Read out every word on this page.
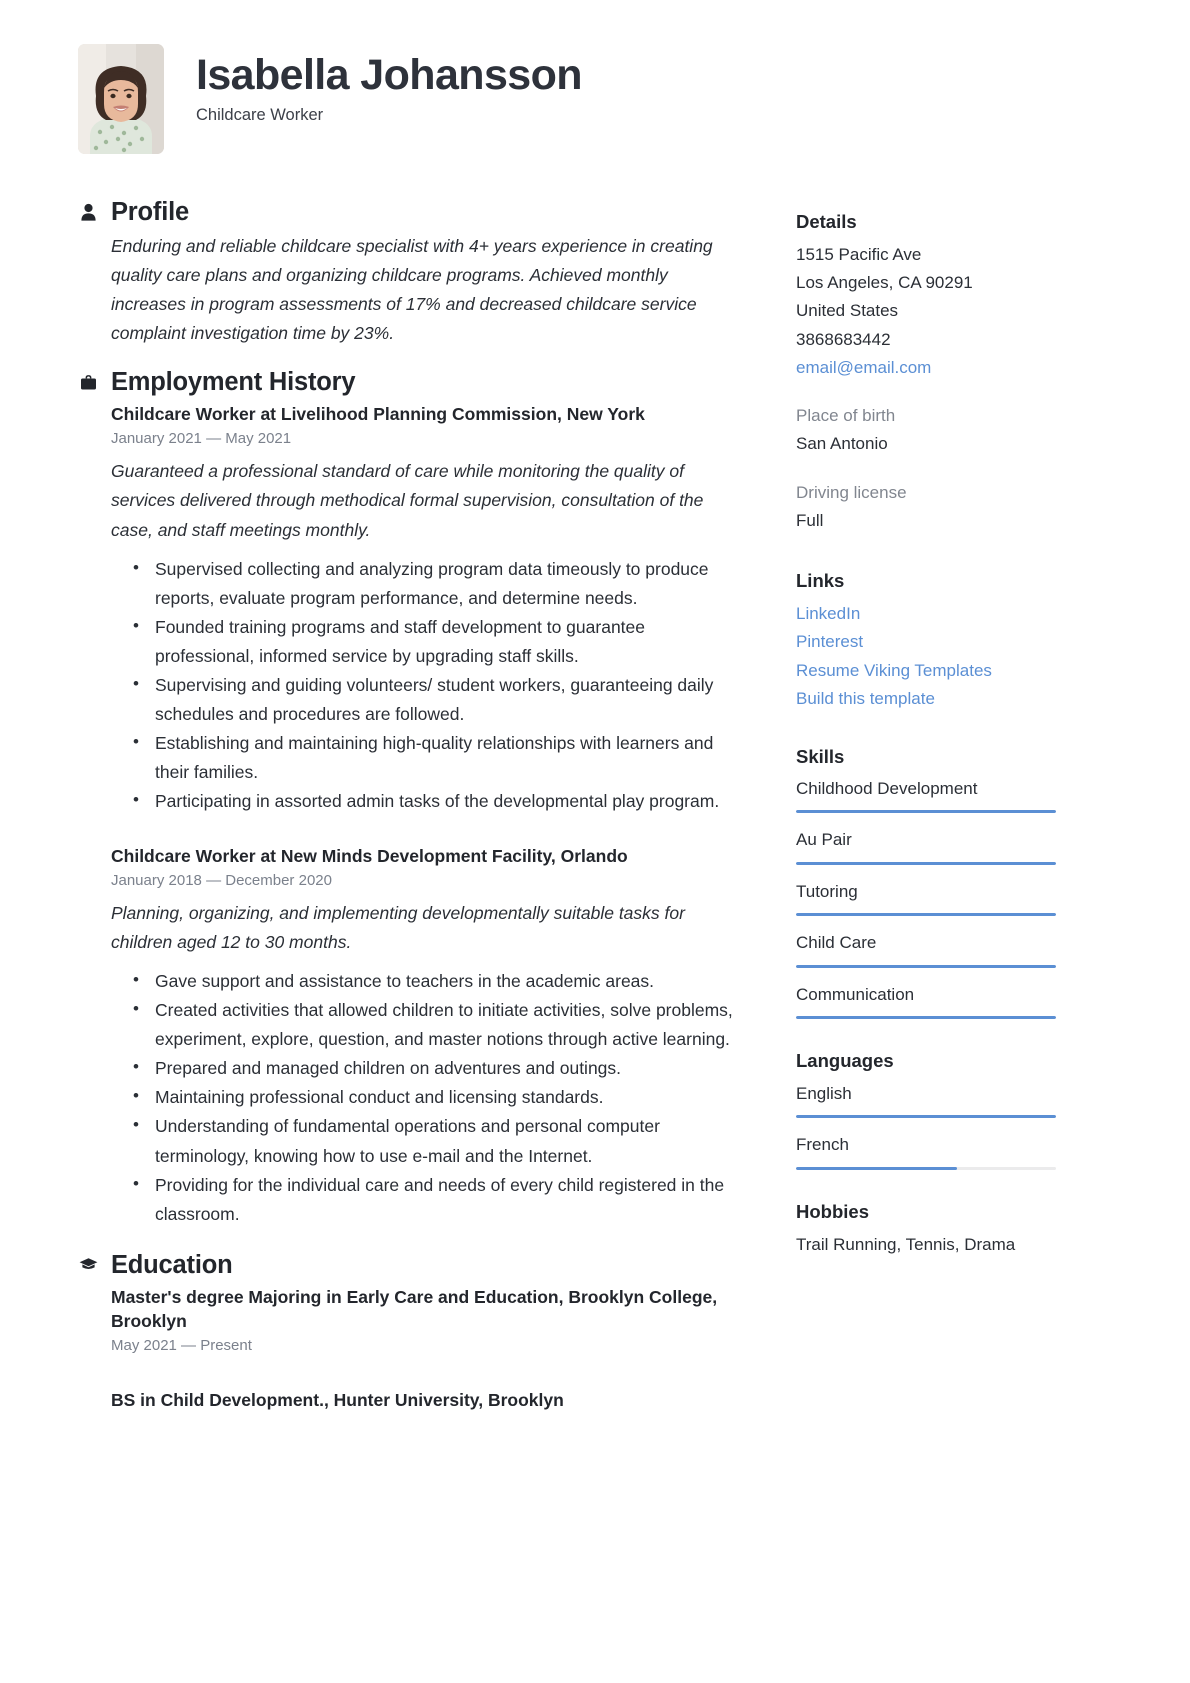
Isabella Johansson
Childcare Worker
Profile

Enduring and reliable childcare specialist with 4+ years experience in creating quality care plans and organizing childcare programs. Achieved monthly increases in program assessments of 17% and decreased childcare service complaint investigation time by 23%.

Employment History
Childcare Worker at Livelihood Planning Commission, New York
January 2021 — May 2021
Guaranteed a professional standard of care while monitoring the quality of services delivered through methodical formal supervision, consultation of the case, and staff meetings monthly.
• Supervised collecting and analyzing program data timeously to produce reports, evaluate program performance, and determine needs.
• Founded training programs and staff development to guarantee professional, informed service by upgrading staff skills.
• Supervising and guiding volunteers/ student workers, guaranteeing daily schedules and procedures are followed.
• Establishing and maintaining high-quality relationships with learners and their families.
• Participating in assorted admin tasks of the developmental play program.
Childcare Worker at New Minds Development Facility, Orlando
January 2018 — December 2020
Planning, organizing, and implementing developmentally suitable tasks for children aged 12 to 30 months.
• Gave support and assistance to teachers in the academic areas.
• Created activities that allowed children to initiate activities, solve problems, experiment, explore, question, and master notions through active learning.
• Prepared and managed children on adventures and outings.
• Maintaining professional conduct and licensing standards.
• Understanding of fundamental operations and personal computer terminology, knowing how to use e-mail and the Internet.
• Providing for the individual care and needs of every child registered in the classroom.
Education
Master's degree Majoring in Early Care and Education, Brooklyn College, Brooklyn
May 2021 — Present
BS in Child Development., Hunter University, Brooklyn
Details
1515 Pacific Ave
Los Angeles, CA 90291
United States
3868683442
email@email.com
Place of birth
San Antonio
Driving license
Full
Links
LinkedIn
Pinterest
Resume Viking Templates
Build this template
Skills
Childhood Development
Au Pair
Tutoring
Child Care
Communication
Languages
English
French
Hobbies
Trail Running, Tennis, Drama
